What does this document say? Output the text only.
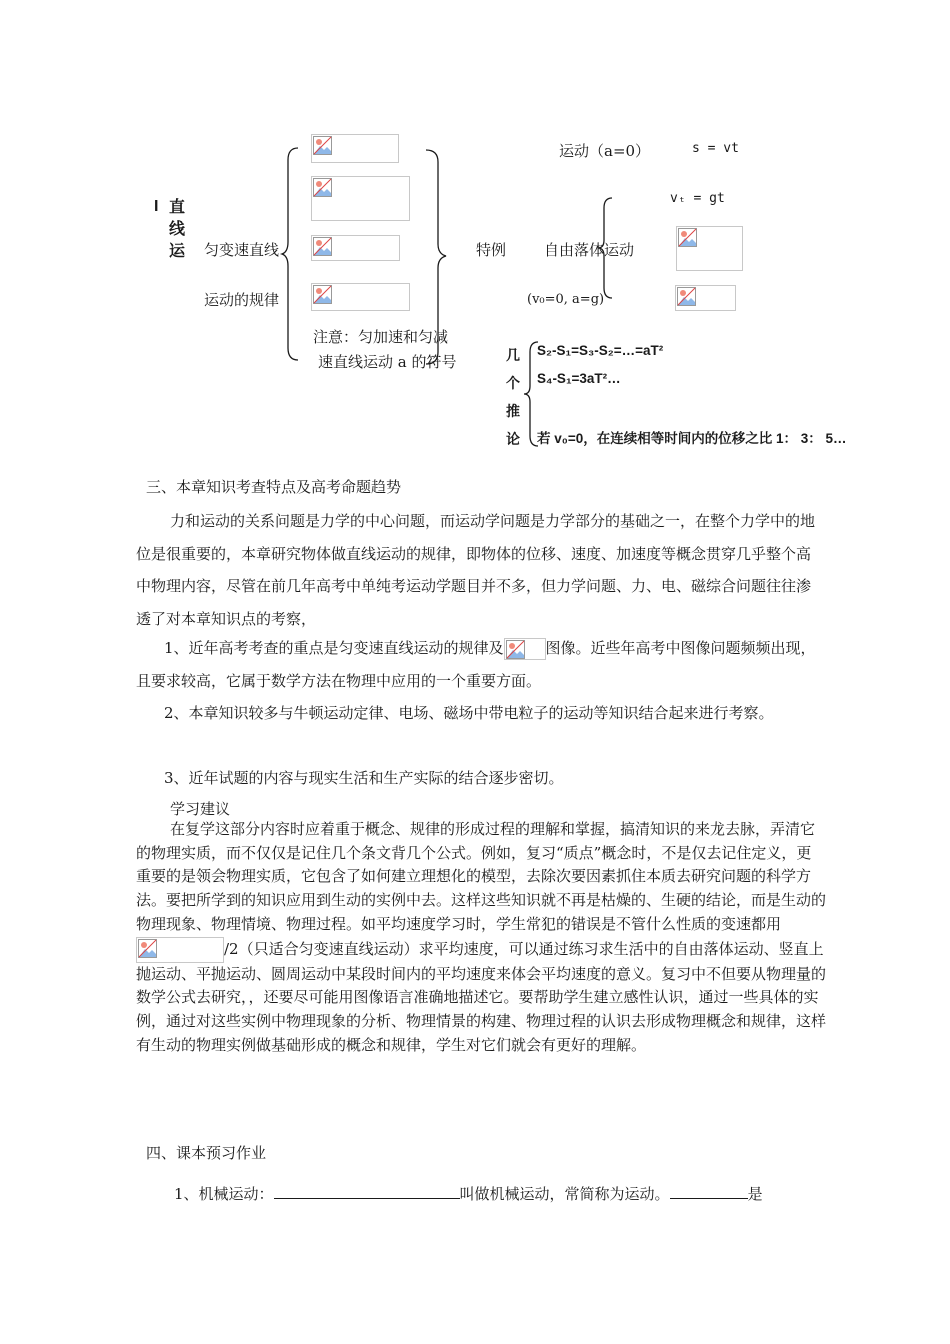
I 直线运 匀变速直线
运动的规律
注意：匀加速和匀减
速直线运动 a 的符号
特例
运动（a=0）	s = vt
自由落体运动
vₜ = gt
(v₀=0, a=g)
几个推论
S₂-S₁=S₃-S₂=…=aT²
S₄-S₁=3aT²…
若 v₀=0，在连续相等时间内的位移之比 1： 3： 5…
三、本章知识考查特点及高考命题趋势
力和运动的关系问题是力学的中心问题，而运动学问题是力学部分的基础之一，在整个力学中的地位是很重要的，本章研究物体做直线运动的规律，即物体的位移、速度、加速度等概念贯穿几乎整个高中物理内容，尽管在前几年高考中单纯考运动学题目并不多，但力学问题、力、电、磁综合问题往往渗透了对本章知识点的考察，
1、近年高考考查的重点是匀变速直线运动的规律及	图像。近些年高考中图像问题频频出现，且要求较高，它属于数学方法在物理中应用的一个重要方面。
2、本章知识较多与牛顿运动定律、电场、磁场中带电粒子的运动等知识结合起来进行考察。
3、近年试题的内容与现实生活和生产实际的结合逐步密切。
学习建议
在复学这部分内容时应着重于概念、规律的形成过程的理解和掌握，搞清知识的来龙去脉，弄清它的物理实质，而不仅仅是记住几个条文背几个公式。例如，复习“质点”概念时，不是仅去记住定义，更重要的是领会物理实质，它包含了如何建立理想化的模型，去除次要因素抓住本质去研究问题的科学方法。要把所学到的知识应用到生动的实例中去。这样这些知识就不再是枯燥的、生硬的结论，而是生动的物理现象、物理情境、物理过程。如平均速度学习时，学生常犯的错误是不管什么性质的变速都用
/2（只适合匀变速直线运动）求平均速度，可以通过练习求生活中的自由落体运动、竖直上抛运动、平抛运动、圆周运动中某段时间内的平均速度来体会平均速度的意义。复习中不但要从物理量的数学公式去研究，，还要尽可能用图像语言准确地描述它。要帮助学生建立感性认识，通过一些具体的实例，通过对这些实例中物理现象的分析、物理情景的构建、物理过程的认识去形成物理概念和规律，这样有生动的物理实例做基础形成的概念和规律，学生对它们就会有更好的理解。
四、课本预习作业
1、机械运动：	叫做机械运动，常简称为运动。	是
